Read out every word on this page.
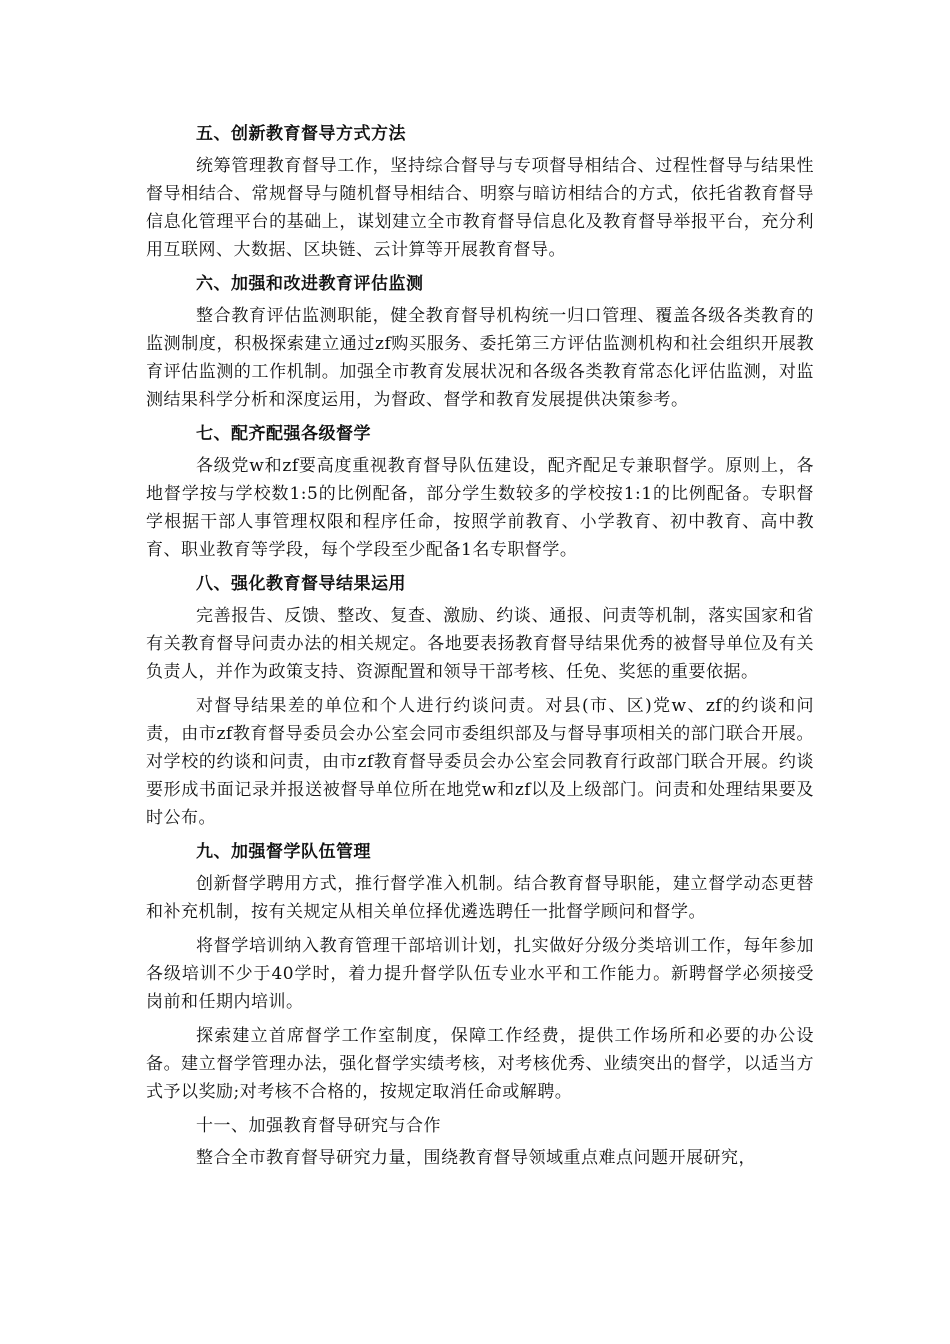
五、创新教育督导方式方法

统筹管理教育督导工作，坚持综合督导与专项督导相结合、过程性督导与结果性督导相结合、常规督导与随机督导相结合、明察与暗访相结合的方式，依托省教育督导信息化管理平台的基础上，谋划建立全市教育督导信息化及教育督导举报平台，充分利用互联网、大数据、区块链、云计算等开展教育督导。

六、加强和改进教育评估监测

整合教育评估监测职能，健全教育督导机构统一归口管理、覆盖各级各类教育的监测制度，积极探索建立通过zf购买服务、委托第三方评估监测机构和社会组织开展教育评估监测的工作机制。加强全市教育发展状况和各级各类教育常态化评估监测，对监测结果科学分析和深度运用，为督政、督学和教育发展提供决策参考。

七、配齐配强各级督学

各级党w和zf要高度重视教育督导队伍建设，配齐配足专兼职督学。原则上，各地督学按与学校数1:5的比例配备，部分学生数较多的学校按1:1的比例配备。专职督学根据干部人事管理权限和程序任命，按照学前教育、小学教育、初中教育、高中教育、职业教育等学段，每个学段至少配备1名专职督学。

八、强化教育督导结果运用

完善报告、反馈、整改、复查、激励、约谈、通报、问责等机制，落实国家和省有关教育督导问责办法的相关规定。各地要表扬教育督导结果优秀的被督导单位及有关负责人，并作为政策支持、资源配置和领导干部考核、任免、奖惩的重要依据。

对督导结果差的单位和个人进行约谈问责。对县(市、区)党w、zf的约谈和问责，由市zf教育督导委员会办公室会同市委组织部及与督导事项相关的部门联合开展。对学校的约谈和问责，由市zf教育督导委员会办公室会同教育行政部门联合开展。约谈要形成书面记录并报送被督导单位所在地党w和zf以及上级部门。问责和处理结果要及时公布。

九、加强督学队伍管理

创新督学聘用方式，推行督学准入机制。结合教育督导职能，建立督学动态更替和补充机制，按有关规定从相关单位择优遴选聘任一批督学顾问和督学。

将督学培训纳入教育管理干部培训计划，扎实做好分级分类培训工作，每年参加各级培训不少于40学时，着力提升督学队伍专业水平和工作能力。新聘督学必须接受岗前和任期内培训。

探索建立首席督学工作室制度，保障工作经费，提供工作场所和必要的办公设备。建立督学管理办法，强化督学实绩考核，对考核优秀、业绩突出的督学，以适当方式予以奖励;对考核不合格的，按规定取消任命或解聘。

十一、加强教育督导研究与合作

整合全市教育督导研究力量，围绕教育督导领域重点难点问题开展研究，
